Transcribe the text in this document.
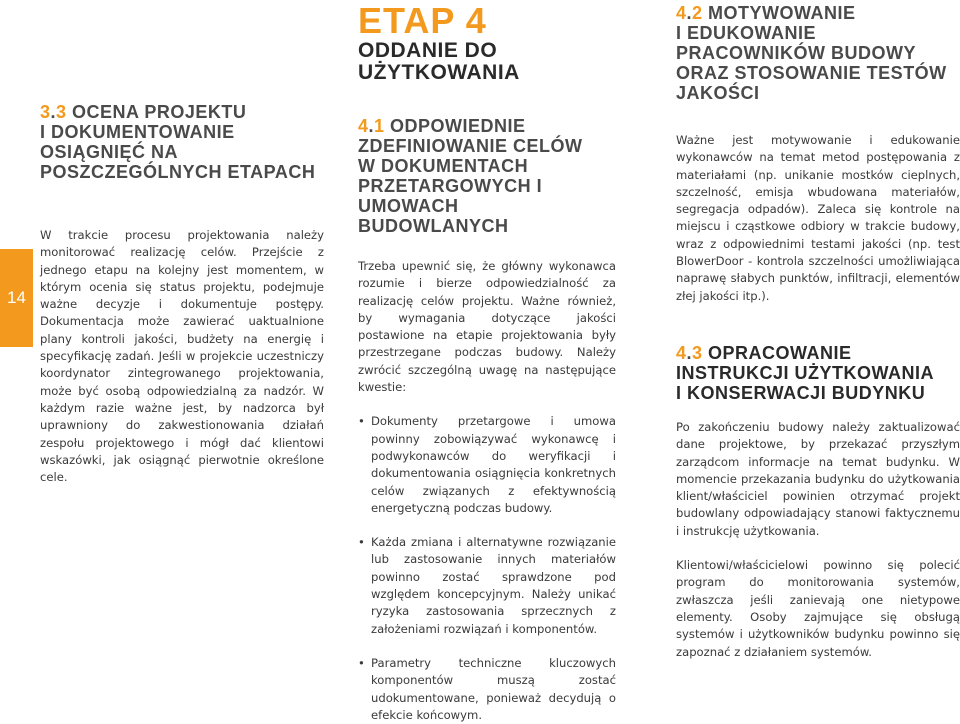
14
3.3 OCENA PROJEKTU
I DOKUMENTOWANIE
OSIĄGNIĘĆ NA
POSZCZEGÓLNYCH ETAPACH

W trakcie procesu projektowania należy monitorować realizację celów. Przejście z jednego etapu na kolejny jest momentem, w którym ocenia się status projektu, podejmuje ważne decyzje i dokumentuje postępy. Dokumentacja może zawierać uaktualnione plany kontroli jakości, budżety na energię i specyfikację zadań. Jeśli w projekcie uczestniczy koordynator zintegrowanego projektowania, może być osobą odpowiedzialną za nadzór. W każdym razie ważne jest, by nadzorca był uprawniony do zakwestionowania działań zespołu projektowego i mógł dać klientowi wskazówki, jak osiągnąć pierwotnie określone cele.

ETAP 4
ODDANIE DO
UŻYTKOWANIA
4.1 ODPOWIEDNIE
ZDEFINIOWANIE CELÓW
W DOKUMENTACH
PRZETARGOWYCH I UMOWACH
BUDOWLANYCH

Trzeba upewnić się, że główny wykonawca rozumie i bierze odpowiedzialność za realizację celów projektu. Ważne również, by wymagania dotyczące jakości postawione na etapie projektowania były przestrzegane podczas budowy. Należy zwrócić szczególną uwagę na następujące kwestie:

• Dokumenty przetargowe i umowa powinny zobowiązywać wykonawcę i podwykonawców do weryfikacji i dokumentowania osiągnięcia konkretnych celów związanych z efektywnością energetyczną podczas budowy.
• Każda zmiana i alternatywne rozwiązanie lub zastosowanie innych materiałów powinno zostać sprawdzone pod względem koncepcyjnym. Należy unikać ryzyka zastosowania sprzecznych z założeniami rozwiązań i komponentów.
• Parametry techniczne kluczowych komponentów muszą zostać udokumentowane, ponieważ decydują o efekcie końcowym.
4.2 MOTYWOWANIE
I EDUKOWANIE
PRACOWNIKÓW BUDOWY
ORAZ STOSOWANIE TESTÓW
JAKOŚCI

Ważne jest motywowanie i edukowanie wykonawców na temat metod postępowania z materiałami (np. unikanie mostków cieplnych, szczelność, emisja wbudowana materiałów, segregacja odpadów). Zaleca się kontrole na miejscu i cząstkowe odbiory w trakcie budowy, wraz z odpowiednimi testami jakości (np. test BlowerDoor - kontrola szczelności umożliwiająca naprawę słabych punktów, infiltracji, elementów złej jakości itp.).

4.3 OPRACOWANIE
INSTRUKCJI UŻYTKOWANIA
I KONSERWACJI BUDYNKU

Po zakończeniu budowy należy zaktualizować dane projektowe, by przekazać przyszłym zarządcom informacje na temat budynku. W momencie przekazania budynku do użytkowania klient/właściciel powinien otrzymać projekt budowlany odpowiadający stanowi faktycznemu i instrukcję użytkowania.

Klientowi/właścicielowi powinno się polecić program do monitorowania systemów, zwłaszcza jeśli zanievają one nietypowe elementy. Osoby zajmujące się obsługą systemów i użytkowników budynku powinno się zapoznać z działaniem systemów.
